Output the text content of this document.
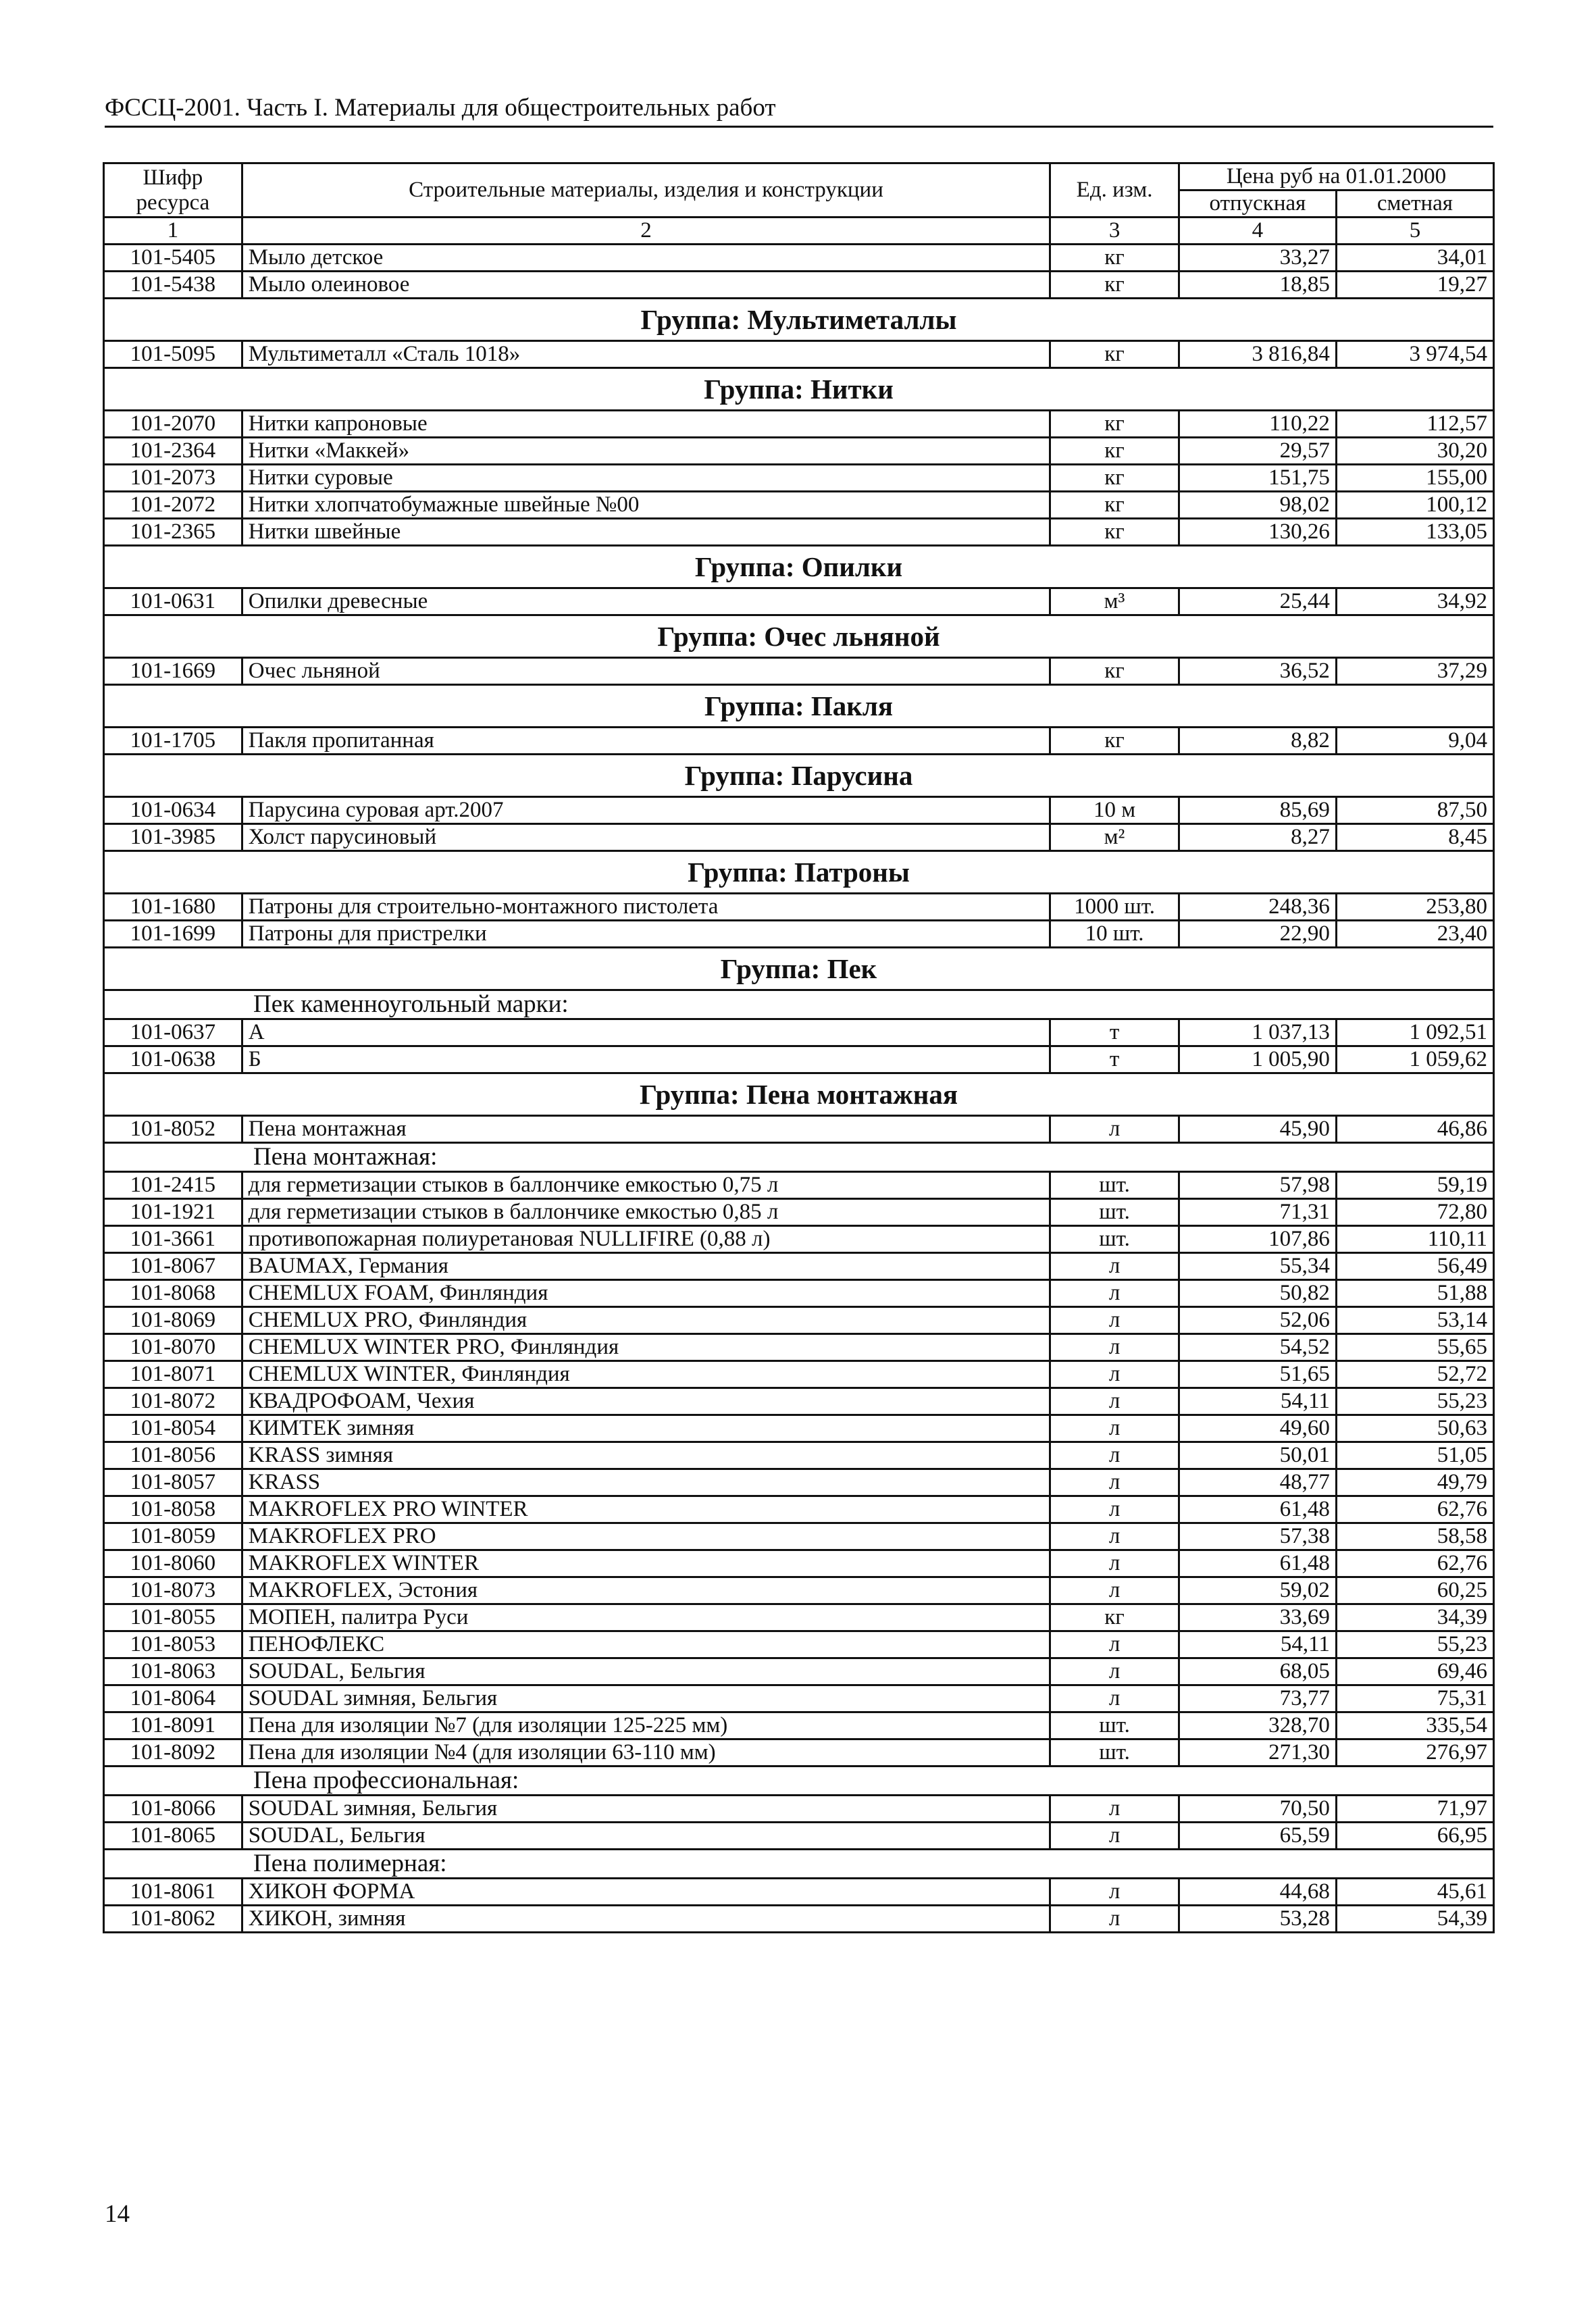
ФССЦ-2001. Часть I. Материалы для общестроительных работ
Шифр ресурса	Строительные материалы, изделия и конструкции	Ед. изм.	Цена руб на 01.01.2000	
			отпускная	сметная
1	2	3	4	5
101-5405	Мыло детское	кг	33,27	34,01
101-5438	Мыло олеиновое	кг	18,85	19,27
Группа: Мультиметаллы				
101-5095	Мультиметалл «Сталь 1018»	кг	3 816,84	3 974,54
Группа: Нитки				
101-2070	Нитки капроновые	кг	110,22	112,57
101-2364	Нитки «Маккей»	кг	29,57	30,20
101-2073	Нитки суровые	кг	151,75	155,00
101-2072	Нитки хлопчатобумажные швейные №00	кг	98,02	100,12
101-2365	Нитки швейные	кг	130,26	133,05
Группа: Опилки				
101-0631	Опилки древесные	м³	25,44	34,92
Группа: Очес льняной				
101-1669	Очес льняной	кг	36,52	37,29
Группа: Пакля				
101-1705	Пакля пропитанная	кг	8,82	9,04
Группа: Парусина				
101-0634	Парусина суровая арт.2007	10 м	85,69	87,50
101-3985	Холст парусиновый	м²	8,27	8,45
Группа: Патроны				
101-1680	Патроны для строительно-монтажного пистолета	1000 шт.	248,36	253,80
101-1699	Патроны для пристрелки	10 шт.	22,90	23,40
Группа: Пек				
Пек каменноугольный марки:				
101-0637	А	т	1 037,13	1 092,51
101-0638	Б	т	1 005,90	1 059,62
Группа: Пена монтажная				
101-8052	Пена монтажная	л	45,90	46,86
Пена монтажная:				
101-2415	для герметизации стыков в баллончике емкостью 0,75 л	шт.	57,98	59,19
101-1921	для герметизации стыков в баллончике емкостью 0,85 л	шт.	71,31	72,80
101-3661	противопожарная полиуретановая NULLIFIRE (0,88 л)	шт.	107,86	110,11
101-8067	BAUMAX, Германия	л	55,34	56,49
101-8068	CHEMLUX FOAM, Финляндия	л	50,82	51,88
101-8069	CHEMLUX PRO, Финляндия	л	52,06	53,14
101-8070	CHEMLUX WINTER PRO, Финляндия	л	54,52	55,65
101-8071	CHEMLUX WINTER, Финляндия	л	51,65	52,72
101-8072	КВАДРОФОАМ, Чехия	л	54,11	55,23
101-8054	КИМТЕК зимняя	л	49,60	50,63
101-8056	KRASS зимняя	л	50,01	51,05
101-8057	KRASS	л	48,77	49,79
101-8058	MAKROFLEX PRO WINTER	л	61,48	62,76
101-8059	MAKROFLEX PRO	л	57,38	58,58
101-8060	MAKROFLEX WINTER	л	61,48	62,76
101-8073	MAKROFLEX, Эстония	л	59,02	60,25
101-8055	МОПЕН, палитра Руси	кг	33,69	34,39
101-8053	ПЕНОФЛЕКС	л	54,11	55,23
101-8063	SOUDAL, Бельгия	л	68,05	69,46
101-8064	SOUDAL зимняя, Бельгия	л	73,77	75,31
101-8091	Пена для изоляции №7 (для изоляции 125-225 мм)	шт.	328,70	335,54
101-8092	Пена для изоляции №4 (для изоляции 63-110 мм)	шт.	271,30	276,97
Пена профессиональная:				
101-8066	SOUDAL зимняя, Бельгия	л	70,50	71,97
101-8065	SOUDAL, Бельгия	л	65,59	66,95
Пена полимерная:				
101-8061	ХИКОН ФОРМА	л	44,68	45,61
101-8062	ХИКОН, зимняя	л	53,28	54,39
14
